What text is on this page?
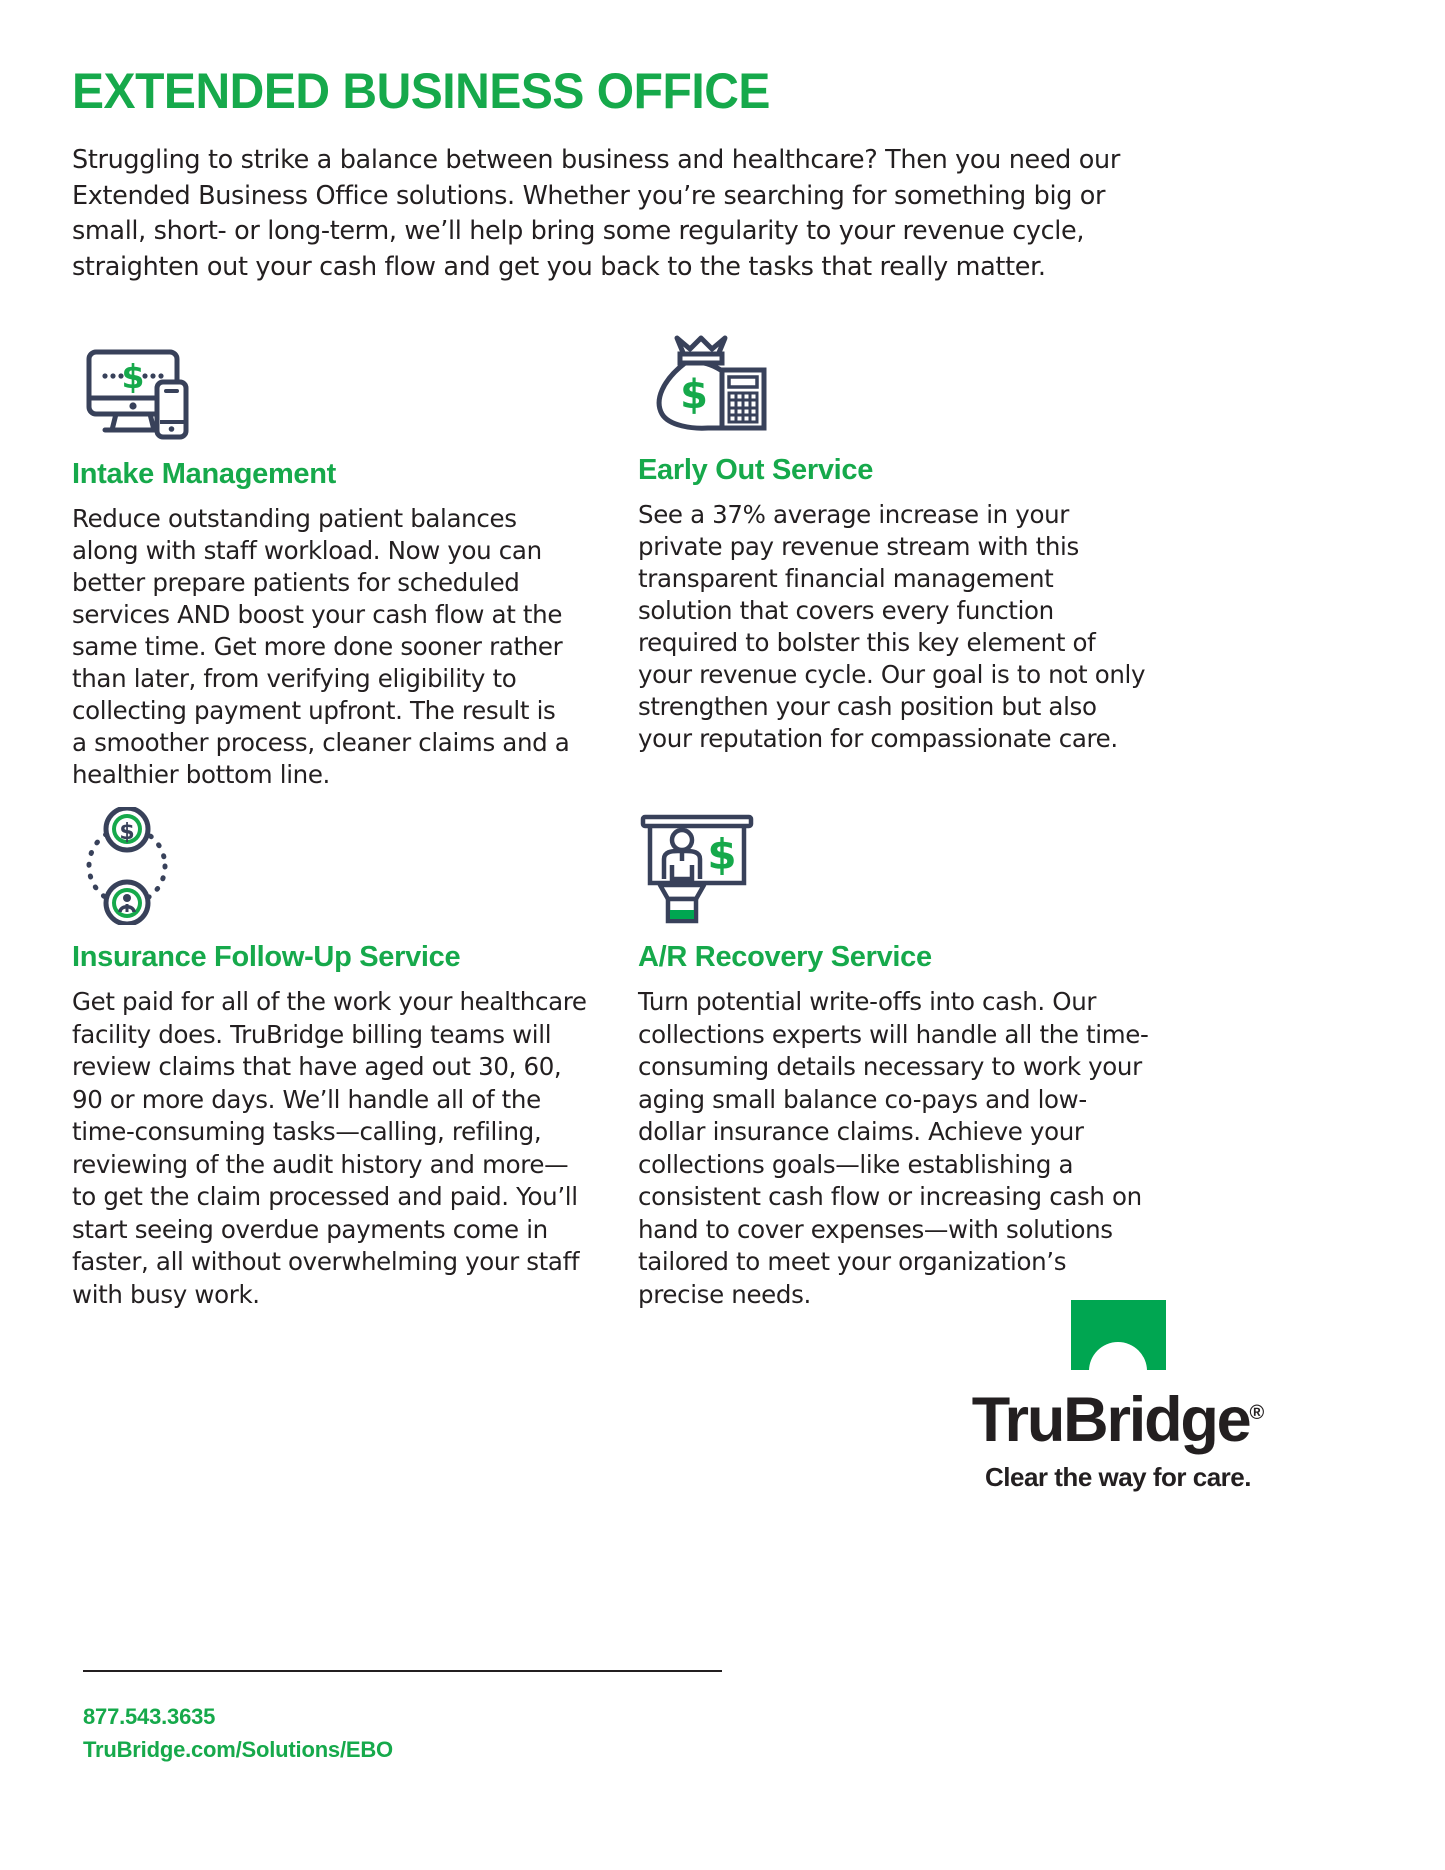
EXTENDED BUSINESS OFFICE
Struggling to strike a balance between business and healthcare? Then you need our Extended Business Office solutions. Whether you’re searching for something big or small, short- or long-term, we’ll help bring some regularity to your revenue cycle, straighten out your cash flow and get you back to the tasks that really matter.
$
Intake Management
Reduce outstanding patient balances along with staff workload. Now you can better prepare patients for scheduled services AND boost your cash flow at the same time. Get more done sooner rather than later, from verifying eligibility to collecting payment upfront. The result is a smoother process, cleaner claims and a healthier bottom line.
$
Early Out Service
See a 37% average increase in your private pay revenue stream with this transparent financial management solution that covers every function required to bolster this key element of your revenue cycle. Our goal is to not only strengthen your cash position but also your reputation for compassionate care.
$
Insurance Follow-Up Service
Get paid for all of the work your healthcare facility does. TruBridge billing teams will review claims that have aged out 30, 60, 90 or more days. We’ll handle all of the time-consuming tasks—calling, refiling, reviewing of the audit history and more—to get the claim processed and paid. You’ll start seeing overdue payments come in faster, all without overwhelming your staff with busy work.
$
A/R Recovery Service
Turn potential write-offs into cash. Our collections experts will handle all the time-consuming details necessary to work your aging small balance co-pays and low-dollar insurance claims. Achieve your collections goals—like establishing a consistent cash flow or increasing cash on hand to cover expenses—with solutions tailored to meet your organization’s precise needs.
877.543.3635
TruBridge.com/Solutions/EBO
TruBridge®
Clear the way for care.
